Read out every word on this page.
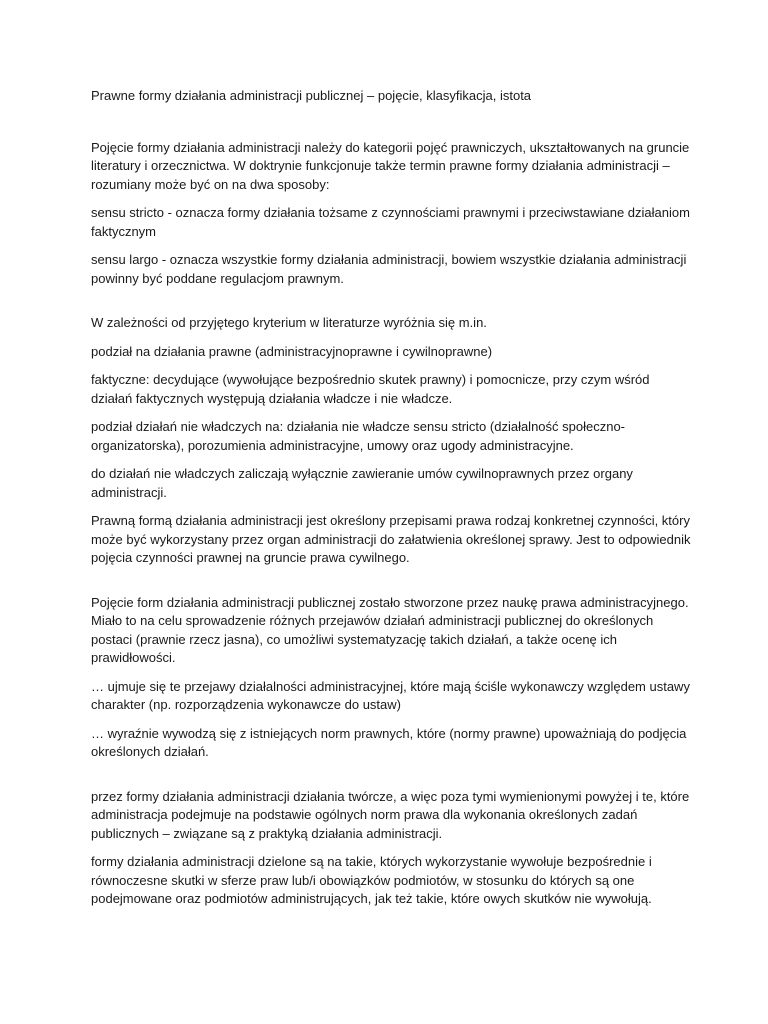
Prawne formy działania administracji publicznej – pojęcie, klasyfikacja, istota
Pojęcie formy działania administracji należy do kategorii pojęć prawniczych, ukształtowanych na gruncie literatury i orzecznictwa. W doktrynie funkcjonuje także termin prawne formy działania administracji – rozumiany może być on na dwa sposoby:
sensu stricto - oznacza formy działania tożsame z czynnościami prawnymi i przeciwstawiane działaniom faktycznym
sensu largo - oznacza wszystkie formy działania administracji, bowiem wszystkie działania administracji powinny być poddane regulacjom prawnym.
W zależności od przyjętego kryterium w literaturze wyróżnia się m.in.
podział na działania prawne (administracyjnoprawne i cywilnoprawne)
faktyczne: decydujące (wywołujące bezpośrednio skutek prawny) i pomocnicze, przy czym wśród działań faktycznych występują działania władcze i nie władcze.
podział działań nie władczych na: działania nie władcze sensu stricto (działalność społeczno-organizatorska), porozumienia administracyjne, umowy oraz ugody administracyjne.
do działań nie władczych zaliczają wyłącznie zawieranie umów cywilnoprawnych przez organy administracji.
Prawną formą działania administracji jest określony przepisami prawa rodzaj konkretnej czynności, który może być wykorzystany przez organ administracji do załatwienia określonej sprawy. Jest to odpowiednik pojęcia czynności prawnej na gruncie prawa cywilnego.
Pojęcie form działania administracji publicznej zostało stworzone przez naukę prawa administracyjnego. Miało to na celu sprowadzenie różnych przejawów działań administracji publicznej do określonych postaci (prawnie rzecz jasna), co umożliwi systematyzację takich działań, a także ocenę ich prawidłowości.
… ujmuje się te przejawy działalności administracyjnej, które mają ściśle wykonawczy względem ustawy charakter (np. rozporządzenia wykonawcze do ustaw)
… wyraźnie wywodzą się z istniejących norm prawnych, które (normy prawne) upoważniają do podjęcia określonych działań.
przez formy działania administracji działania twórcze, a więc poza tymi wymienionymi powyżej i te, które administracja podejmuje na podstawie ogólnych norm prawa dla wykonania określonych zadań publicznych – związane są z praktyką działania administracji.
formy działania administracji dzielone są na takie, których wykorzystanie wywołuje bezpośrednie i równoczesne skutki w sferze praw lub/i obowiązków podmiotów, w stosunku do których są one podejmowane oraz podmiotów administrujących, jak też takie, które owych skutków nie wywołują.
